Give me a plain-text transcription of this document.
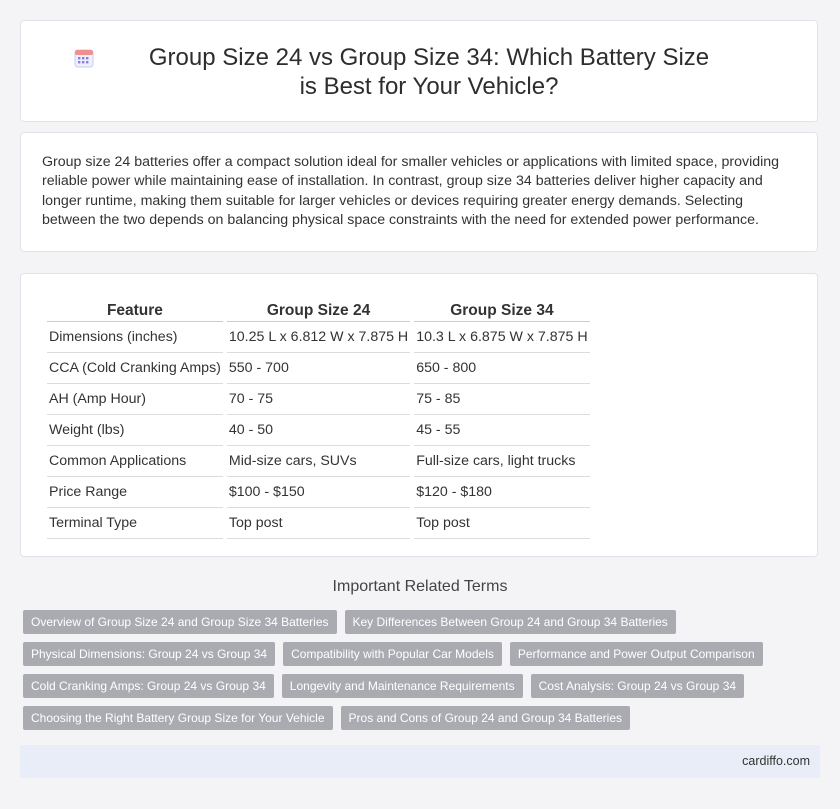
Group Size 24 vs Group Size 34: Which Battery Size is Best for Your Vehicle?

Group size 24 batteries offer a compact solution ideal for smaller vehicles or applications with limited space, providing reliable power while maintaining ease of installation. In contrast, group size 34 batteries deliver higher capacity and longer runtime, making them suitable for larger vehicles or devices requiring greater energy demands. Selecting between the two depends on balancing physical space constraints with the need for extended power performance.

Feature	Group Size 24	Group Size 34
Dimensions (inches)	10.25 L x 6.812 W x 7.875 H	10.3 L x 6.875 W x 7.875 H
CCA (Cold Cranking Amps)	550 - 700	650 - 800
AH (Amp Hour)	70 - 75	75 - 85
Weight (lbs)	40 - 50	45 - 55
Common Applications	Mid-size cars, SUVs	Full-size cars, light trucks
Price Range	$100 - $150	$120 - $180
Terminal Type	Top post	Top post
Important Related Terms
Overview of Group Size 24 and Group Size 34 Batteries	Key Differences Between Group 24 and Group 34 Batteries
Physical Dimensions: Group 24 vs Group 34	Compatibility with Popular Car Models	Performance and Power Output Comparison
Cold Cranking Amps: Group 24 vs Group 34	Longevity and Maintenance Requirements	Cost Analysis: Group 24 vs Group 34
Choosing the Right Battery Group Size for Your Vehicle	Pros and Cons of Group 24 and Group 34 Batteries
cardiffo.com
